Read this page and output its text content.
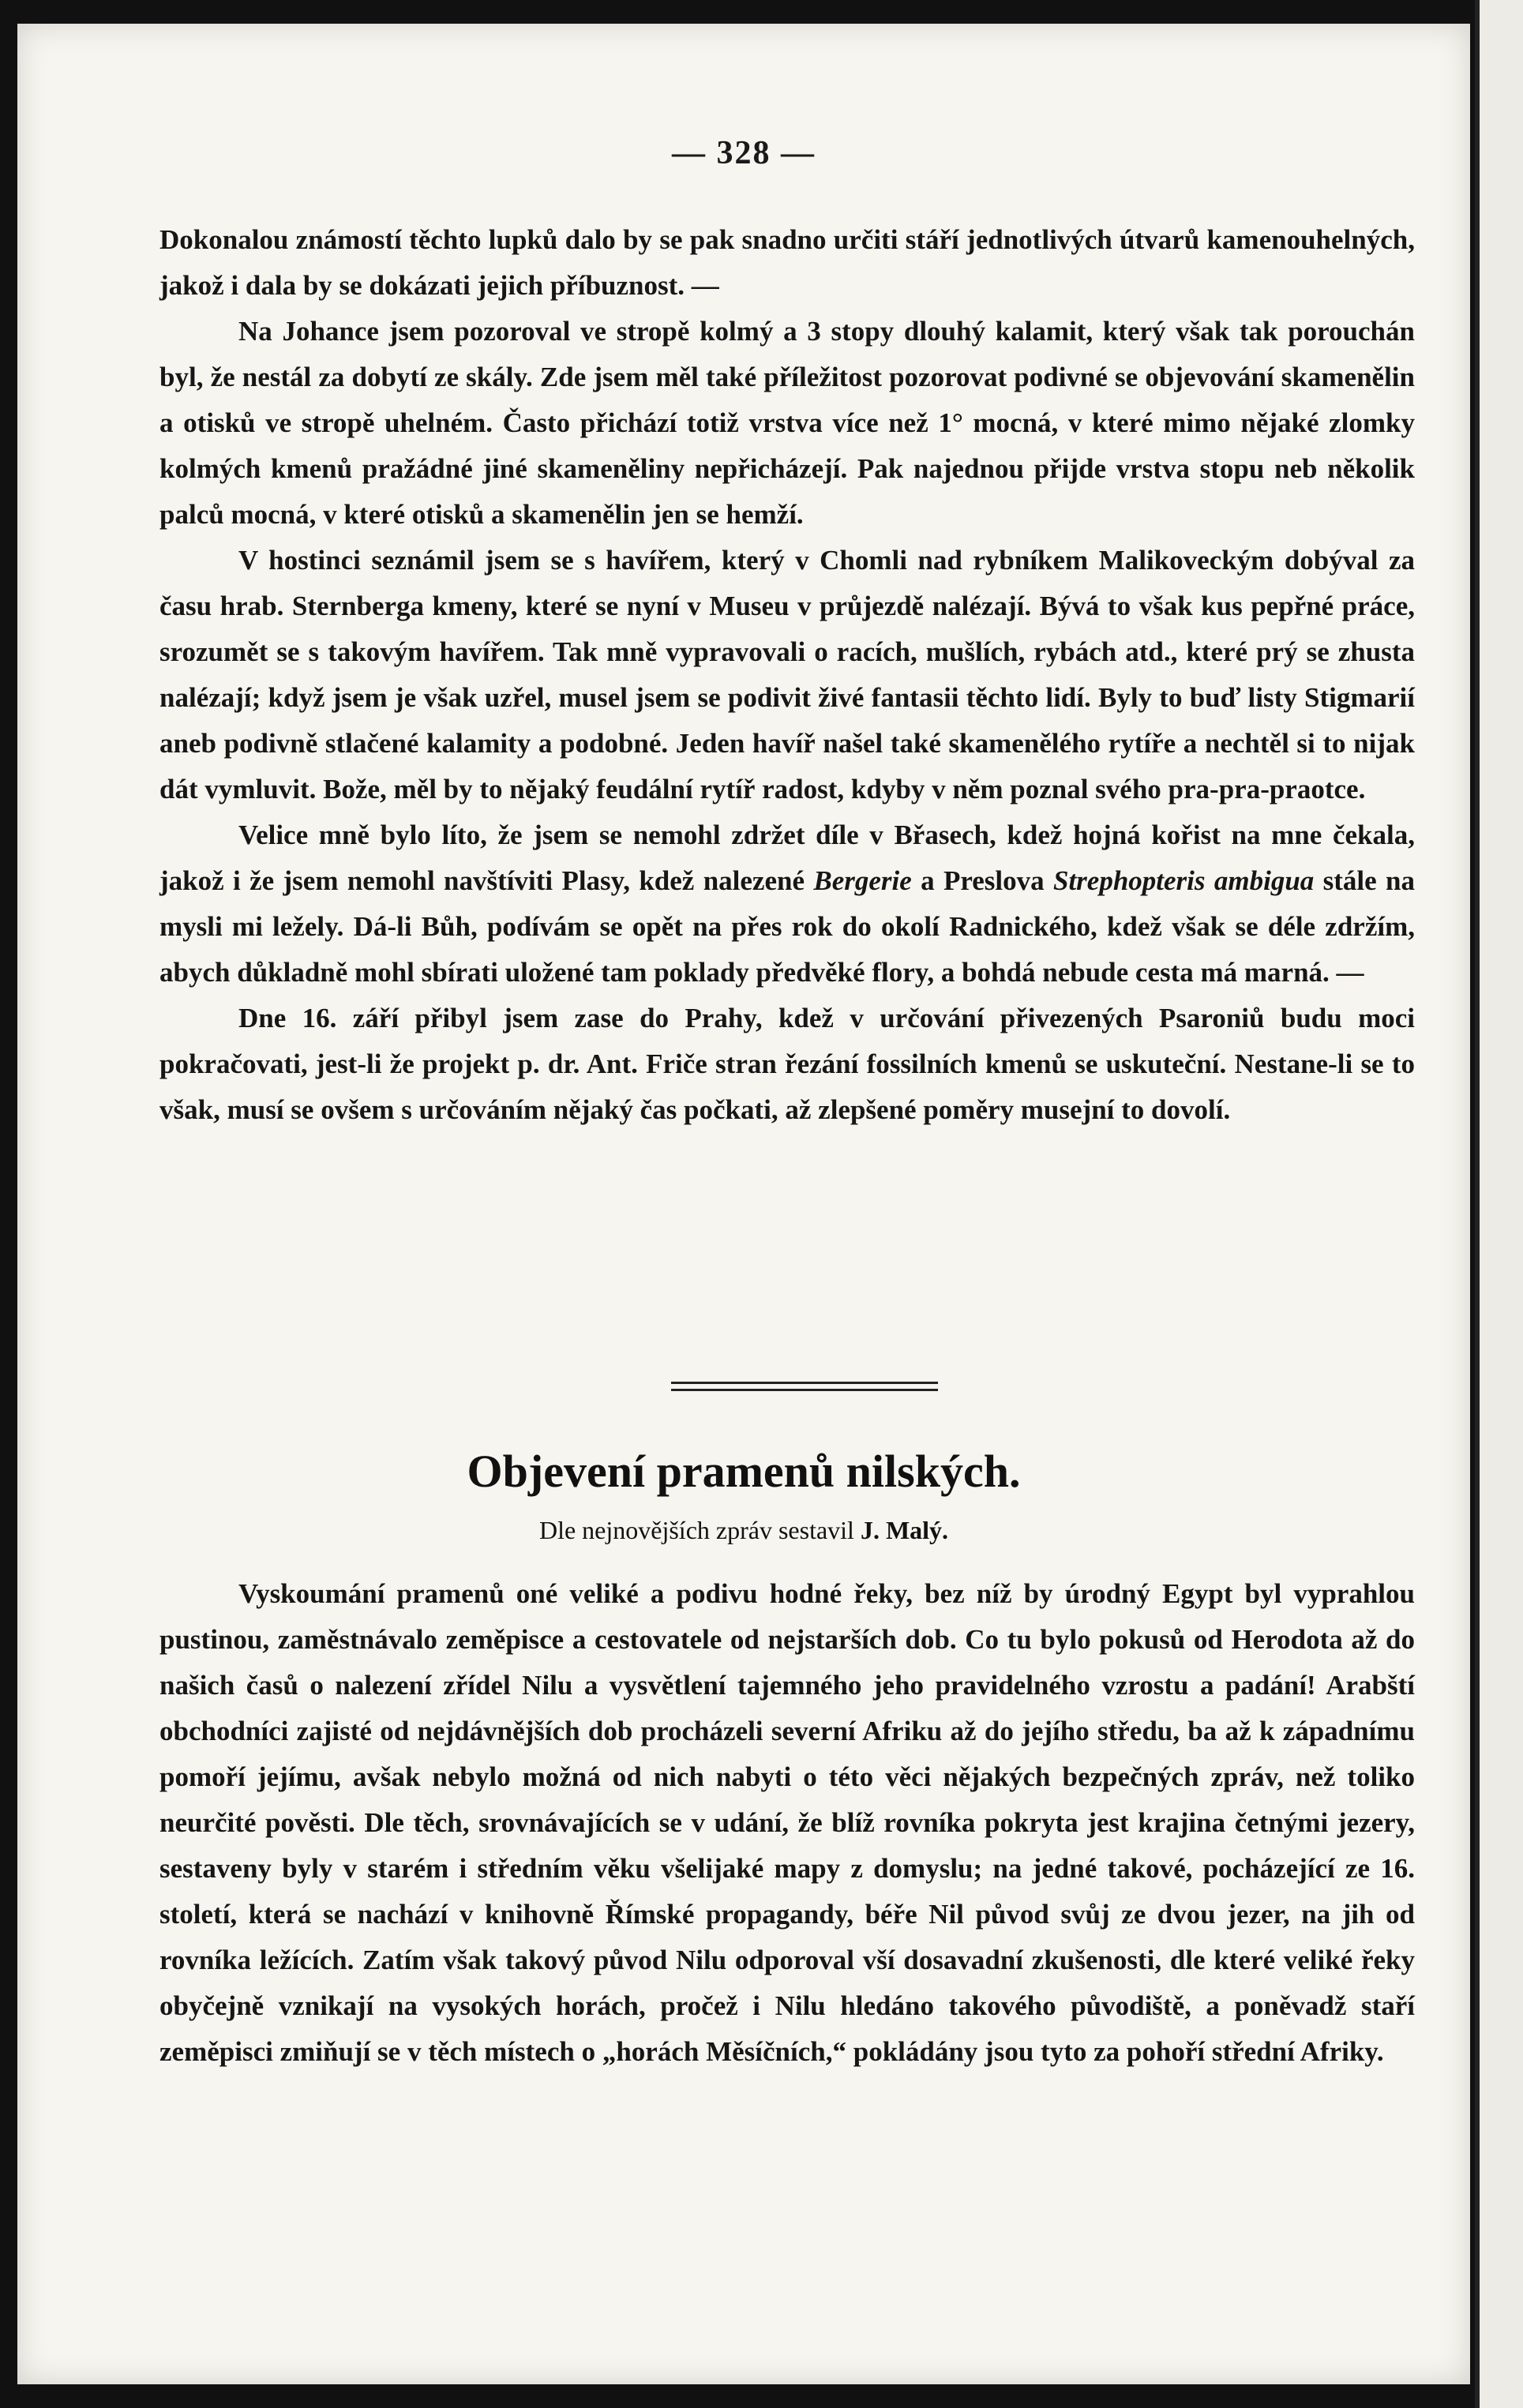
— 328 —

Dokonalou známostí těchto lupků dalo by se pak snadno určiti stáří jednotlivých útvarů kamenouhelných, jakož i dala by se dokázati jejich příbuznost. —

Na Johance jsem pozoroval ve stropě kolmý a 3 stopy dlouhý kalamit, který však tak porouchán byl, že nestál za dobytí ze skály. Zde jsem měl také příležitost pozorovat podivné se objevování skamenělin a otisků ve stropě uhelném. Často přichází totiž vrstva více než 1° mocná, v které mimo nějaké zlomky kolmých kmenů pražádné jiné skameněliny nepřicházejí. Pak najednou přijde vrstva stopu neb několik palců mocná, v které otisků a skamenělin jen se hemží.

V hostinci seznámil jsem se s havířem, který v Chomli nad rybníkem Malikoveckým dobýval za času hrab. Sternberga kmeny, které se nyní v Museu v průjezdě nalézají. Bývá to však kus pepřné práce, srozumět se s takovým havířem. Tak mně vypravovali o racích, mušlích, rybách atd., které prý se zhusta nalézají; když jsem je však uzřel, musel jsem se podivit živé fantasii těchto lidí. Byly to buď listy Stigmarií aneb podivně stlačené kalamity a podobné. Jeden havíř našel také skamenělého rytíře a nechtěl si to nijak dát vymluvit. Bože, měl by to nějaký feudální rytíř radost, kdyby v něm poznal svého pra-pra-praotce.

Velice mně bylo líto, že jsem se nemohl zdržet díle v Břasech, kdež hojná kořist na mne čekala, jakož i že jsem nemohl navštíviti Plasy, kdež nalezené Bergerie a Preslova Strephopteris ambigua stále na mysli mi ležely. Dá-li Bůh, podívám se opět na přes rok do okolí Radnického, kdež však se déle zdržím, abych důkladně mohl sbírati uložené tam poklady předvěké flory, a bohdá nebude cesta má marná. —

Dne 16. září přibyl jsem zase do Prahy, kdež v určování přivezených Psaroniů budu moci pokračovati, jest-li že projekt p. dr. Ant. Friče stran řezání fossilních kmenů se uskuteční. Nestane-li se to však, musí se ovšem s určováním nějaký čas počkati, až zlepšené poměry musejní to dovolí.

Objevení pramenů nilských.
Dle nejnovějších zpráv sestavil J. Malý.

Vyskoumání pramenů oné veliké a podivu hodné řeky, bez níž by úrodný Egypt byl vyprahlou pustinou, zaměstnávalo zeměpisce a cestovatele od nejstarších dob. Co tu bylo pokusů od Herodota až do našich časů o nalezení zřídel Nilu a vysvětlení tajemného jeho pravidelného vzrostu a padání! Arabští obchodníci zajisté od nejdávnějších dob procházeli severní Afriku až do jejího středu, ba až k západnímu pomoří jejímu, avšak nebylo možná od nich nabyti o této věci nějakých bezpečných zpráv, než toliko neurčité pověsti. Dle těch, srovnávajících se v udání, že blíž rovníka pokryta jest krajina četnými jezery, sestaveny byly v starém i středním věku všelijaké mapy z domyslu; na jedné takové, pocházející ze 16. století, která se nachází v knihovně Římské propagandy, béře Nil původ svůj ze dvou jezer, na jih od rovníka ležících. Zatím však takový původ Nilu odporoval vší dosavadní zkušenosti, dle které veliké řeky obyčejně vznikají na vysokých horách, pročež i Nilu hledáno takového původiště, a poněvadž staří zeměpisci zmiňují se v těch místech o „horách Měsíčních,“ pokládány jsou tyto za pohoří střední Afriky.
